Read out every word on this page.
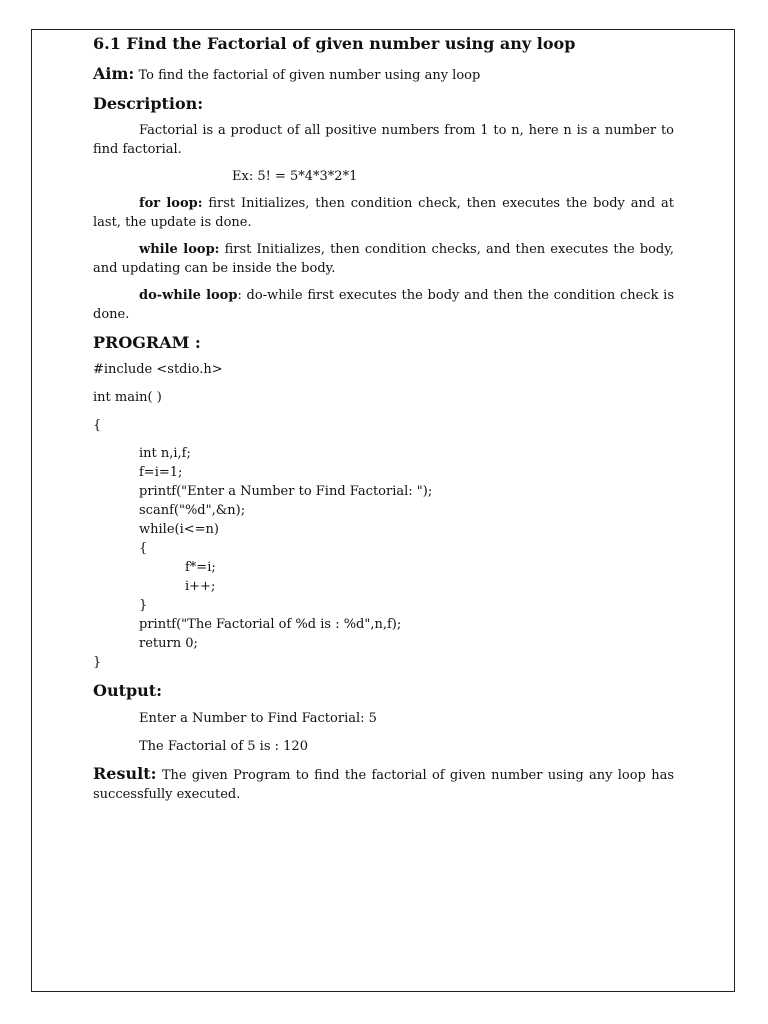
6.1 Find the Factorial of given number using any loop
Aim: To find the factorial of given number using any loop
Description:

Factorial is a product of all positive numbers from 1 to n, here n is a number to find factorial.

Ex: 5! = 5*4*3*2*1

for loop: first Initializes, then condition check, then executes the body and at last, the update is done.

while loop: first Initializes, then condition checks, and then executes the body, and updating can be inside the body.

do-while loop: do-while first executes the body and then the condition check is done.

PROGRAM :
#include <stdio.h>
int main( )
{
int n,i,f;
f=i=1;
printf("Enter a Number to Find Factorial: ");
scanf("%d",&n);
while(i<=n)
{
f*=i;
i++;
}
printf("The Factorial of %d is : %d",n,f);
return 0;
}
Output:
Enter a Number to Find Factorial: 5
The Factorial of 5 is : 120

Result: The given Program to find the factorial of given number using any loop has successfully executed.
